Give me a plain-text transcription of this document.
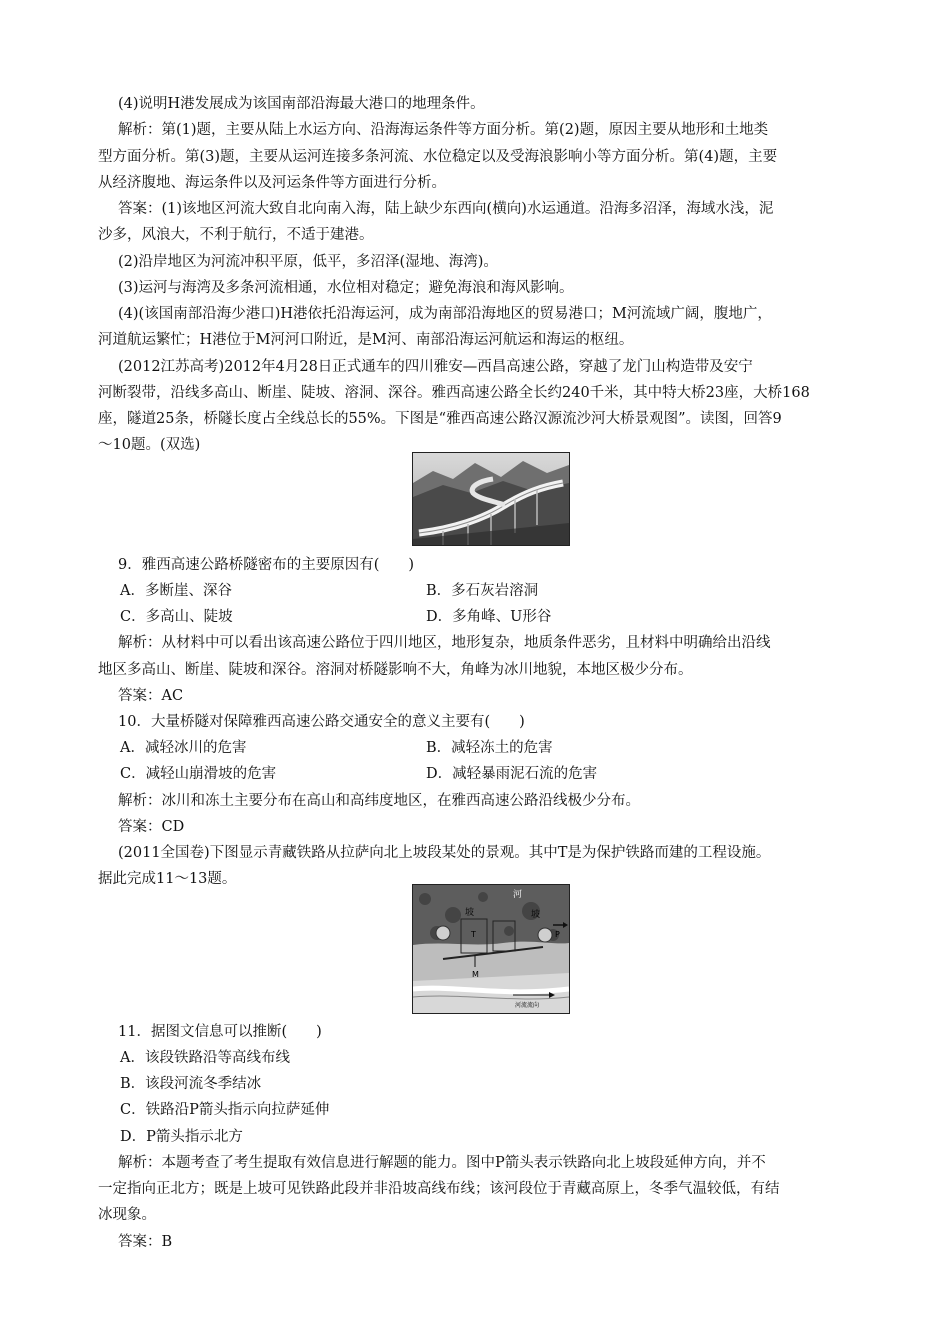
(4)说明H港发展成为该国南部沿海最大港口的地理条件。
解析：第(1)题，主要从陆上水运方向、沿海海运条件等方面分析。第(2)题，原因主要从地形和土地类
型方面分析。第(3)题，主要从运河连接多条河流、水位稳定以及受海浪影响小等方面分析。第(4)题，主要
从经济腹地、海运条件以及河运条件等方面进行分析。
答案：(1)该地区河流大致自北向南入海，陆上缺少东西向(横向)水运通道。沿海多沼泽，海域水浅，泥
沙多，风浪大，不利于航行，不适于建港。
(2)沿岸地区为河流冲积平原，低平，多沼泽(湿地、海湾)。
(3)运河与海湾及多条河流相通，水位相对稳定；避免海浪和海风影响。
(4)(该国南部沿海少港口)H港依托沿海运河，成为南部沿海地区的贸易港口；M河流域广阔，腹地广，
河道航运繁忙；H港位于M河河口附近，是M河、南部沿海运河航运和海运的枢纽。
(2012江苏高考)2012年4月28日正式通车的四川雅安—西昌高速公路，穿越了龙门山构造带及安宁
河断裂带，沿线多高山、断崖、陡坡、溶洞、深谷。雅西高速公路全长约240千米，其中特大桥23座，大桥168
座，隧道25条，桥隧长度占全线总长的55%。下图是“雅西高速公路汉源流沙河大桥景观图”。读图，回答9
～10题。(双选)
9．雅西高速公路桥隧密布的主要原因有(　　)
A．多断崖、深谷	B．多石灰岩溶洞
C．多高山、陡坡	D．多角峰、U形谷
解析：从材料中可以看出该高速公路位于四川地区，地形复杂，地质条件恶劣，且材料中明确给出沿线
地区多高山、断崖、陡坡和深谷。溶洞对桥隧影响不大，角峰为冰川地貌，本地区极少分布。
答案：AC
10．大量桥隧对保障雅西高速公路交通安全的意义主要有(　　)
A．减轻冰川的危害	B．减轻冻土的危害
C．减轻山崩滑坡的危害	D．减轻暴雨泥石流的危害
解析：冰川和冻土主要分布在高山和高纬度地区，在雅西高速公路沿线极少分布。
答案：CD
(2011全国卷)下图显示青藏铁路从拉萨向北上坡段某处的景观。其中T是为保护铁路而建的工程设施。
据此完成11～13题。
河
坡	坡
T	P
M
河流流向
11．据图文信息可以推断(　　)
A．该段铁路沿等高线布线
B．该段河流冬季结冰
C．铁路沿P箭头指示向拉萨延伸
D．P箭头指示北方
解析：本题考查了考生提取有效信息进行解题的能力。图中P箭头表示铁路向北上坡段延伸方向，并不
一定指向正北方；既是上坡可见铁路此段并非沿坡高线布线；该河段位于青藏高原上，冬季气温较低，有结
冰现象。
答案：B
